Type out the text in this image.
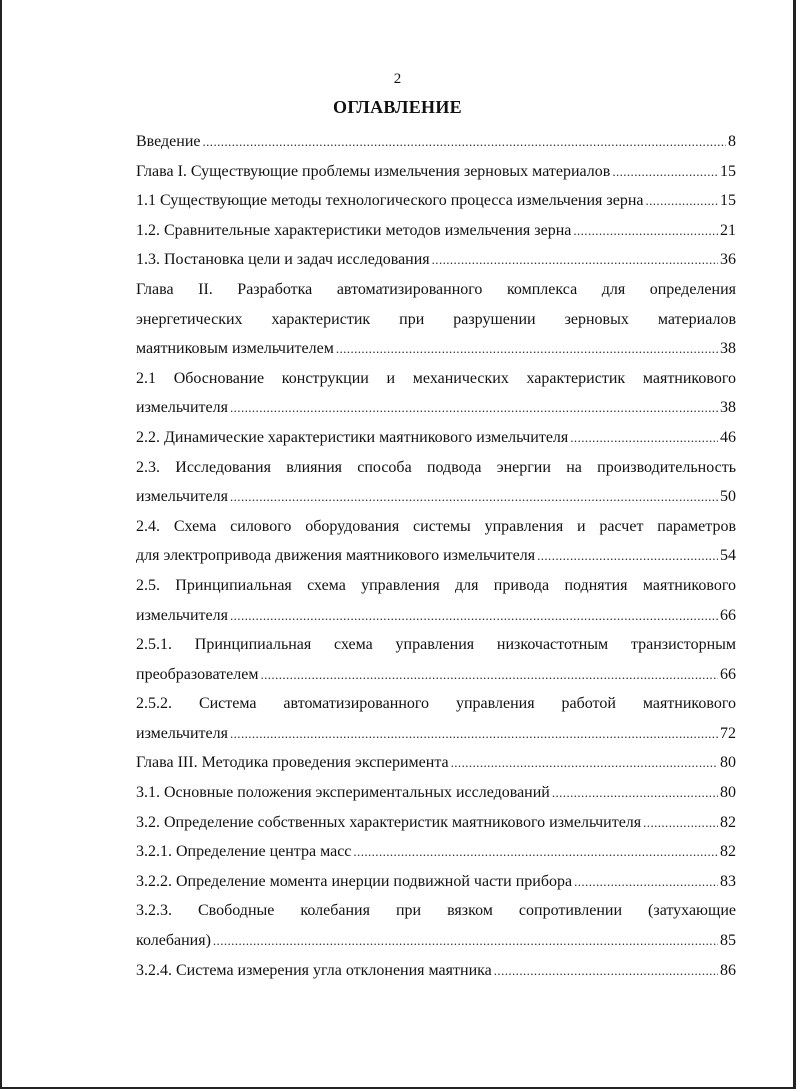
2
ОГЛАВЛЕНИЕ
Введение .....	8
Глава I. Существующие проблемы измельчения зерновых материалов .....	15
1.1 Существующие методы технологического процесса измельчения зерна .....	15
1.2. Сравнительные характеристики методов измельчения зерна .....	21
1.3. Постановка цели и задач исследования .....	36
Глава II. Разработка автоматизированного комплекса для определения
энергетических характеристик при разрушении зерновых материалов
маятниковым измельчителем .....	38
2.1 Обоснование конструкции и механических характеристик маятникового
измельчителя .....	38
2.2. Динамические характеристики маятникового измельчителя .....	46
2.3. Исследования влияния способа подвода энергии на производительность
измельчителя .....	50
2.4. Схема силового оборудования системы управления и расчет параметров
для электропривода движения маятникового измельчителя .....	54
2.5. Принципиальная схема управления для привода поднятия маятникового
измельчителя .....	66
2.5.1. Принципиальная схема управления низкочастотным транзисторным
преобразователем .....	66
2.5.2. Система автоматизированного управления работой маятникового
измельчителя .....	72
Глава III. Методика проведения эксперимента .....	80
3.1. Основные положения экспериментальных исследований .....	80
3.2. Определение собственных характеристик маятникового измельчителя .....	82
3.2.1. Определение центра масс .....	82
3.2.2. Определение момента инерции подвижной части прибора .....	83
3.2.3. Свободные колебания при вязком сопротивлении (затухающие
колебания) .....	85
3.2.4. Система измерения угла отклонения маятника .....	86
